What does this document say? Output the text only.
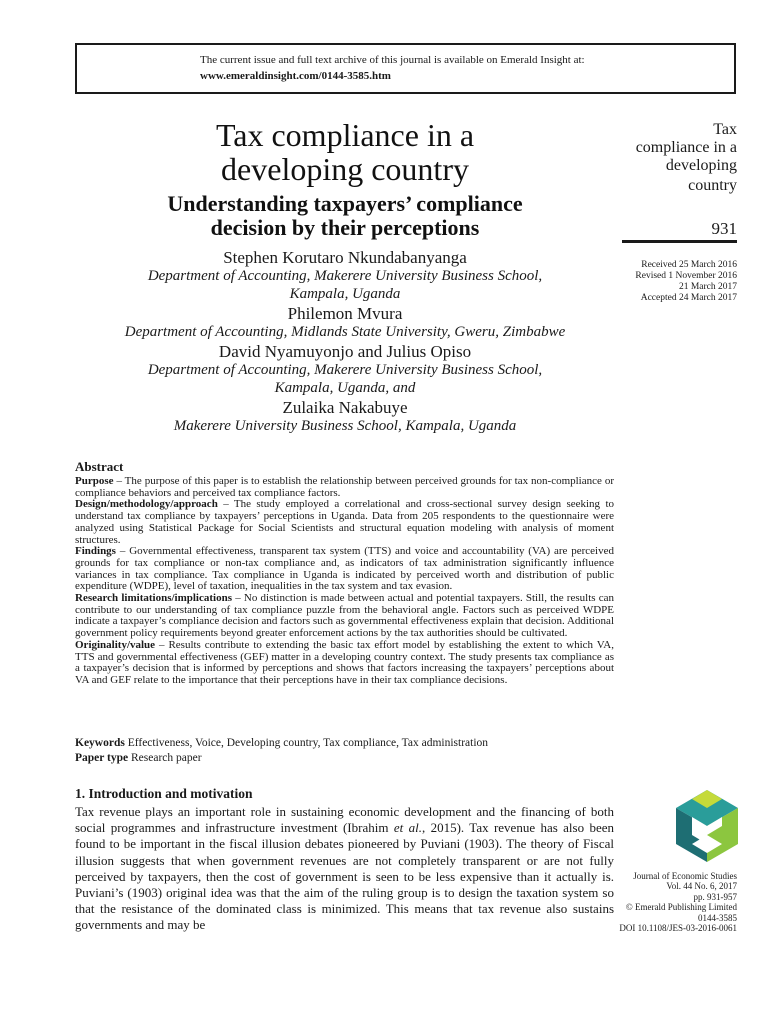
The current issue and full text archive of this journal is available on Emerald Insight at:
www.emeraldinsight.com/0144-3585.htm
Tax compliance in a
developing country
Understanding taxpayers’ compliance
decision by their perceptions
Stephen Korutaro Nkundabanyanga
Department of Accounting, Makerere University Business School,
Kampala, Uganda
Philemon Mvura
Department of Accounting, Midlands State University, Gweru, Zimbabwe
David Nyamuyonjo and Julius Opiso
Department of Accounting, Makerere University Business School,
Kampala, Uganda, and
Zulaika Nakabuye
Makerere University Business School, Kampala, Uganda
Tax
compliance in a
developing
country
931
Received 25 March 2016
Revised 1 November 2016
21 March 2017
Accepted 24 March 2017
Abstract

Purpose – The purpose of this paper is to establish the relationship between perceived grounds for tax non-compliance or compliance behaviors and perceived tax compliance factors.

Design/methodology/approach – The study employed a correlational and cross-sectional survey design seeking to understand tax compliance by taxpayers’ perceptions in Uganda. Data from 205 respondents to the questionnaire were analyzed using Statistical Package for Social Scientists and structural equation modeling with analysis of moment structures.

Findings – Governmental effectiveness, transparent tax system (TTS) and voice and accountability (VA) are perceived grounds for tax compliance or non-tax compliance and, as indicators of tax administration significantly influence variances in tax compliance. Tax compliance in Uganda is indicated by perceived worth and distribution of public expenditure (WDPE), level of taxation, inequalities in the tax system and tax evasion.

Research limitations/implications – No distinction is made between actual and potential taxpayers. Still, the results can contribute to our understanding of tax compliance puzzle from the behavioral angle. Factors such as perceived WDPE indicate a taxpayer’s compliance decision and factors such as governmental effectiveness explain that decision. Additional government policy requirements beyond greater enforcement actions by the tax authorities should be cultivated.

Originality/value – Results contribute to extending the basic tax effort model by establishing the extent to which VA, TTS and governmental effectiveness (GEF) matter in a developing country context. The study presents tax compliance as a taxpayer’s decision that is informed by perceptions and shows that factors increasing the taxpayers’ perceptions about VA and GEF relate to the importance that their perceptions have in their tax compliance decisions.

Keywords Effectiveness, Voice, Developing country, Tax compliance, Tax administration
Paper type Research paper
1. Introduction and motivation
Tax revenue plays an important role in sustaining economic development and the financing of both social programmes and infrastructure investment (Ibrahim et al., 2015). Tax revenue has also been found to be important in the fiscal illusion debates pioneered by Puviani (1903). The theory of Fiscal illusion suggests that when government revenues are not completely transparent or are not fully perceived by taxpayers, then the cost of government is seen to be less expensive than it actually is. Puviani’s (1903) original idea was that the aim of the ruling group is to design the taxation system so that the resistance of the dominated class is minimized. This means that tax revenue also sustains governments and may be
Journal of Economic Studies
Vol. 44 No. 6, 2017
pp. 931-957
© Emerald Publishing Limited
0144-3585
DOI 10.1108/JES-03-2016-0061
